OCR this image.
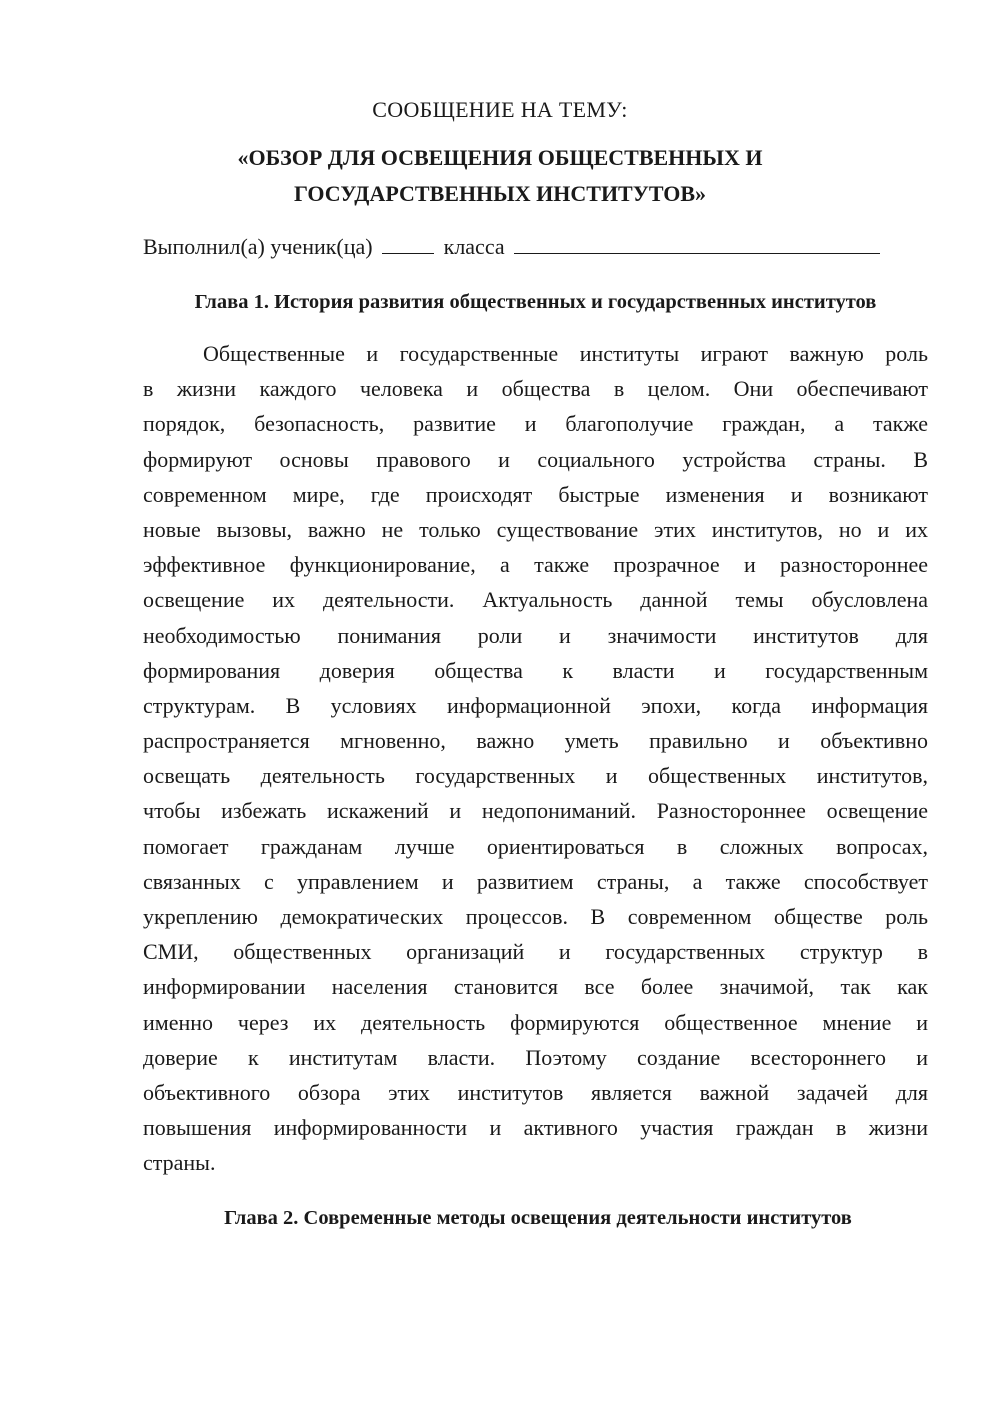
СООБЩЕНИЕ НА ТЕМУ:
«ОБЗОР ДЛЯ ОСВЕЩЕНИЯ ОБЩЕСТВЕННЫХ И
ГОСУДАРСТВЕННЫХ ИНСТИТУТОВ»
Выполнил(а) ученик(ца)	класса
Глава 1. История развития общественных и государственных институтов
Общественные и государственные институты играют важную роль
в жизни каждого человека и общества в целом. Они обеспечивают
порядок, безопасность, развитие и благополучие граждан, а также
формируют основы правового и социального устройства страны. В
современном мире, где происходят быстрые изменения и возникают
новые вызовы, важно не только существование этих институтов, но и их
эффективное функционирование, а также прозрачное и разностороннее
освещение их деятельности. Актуальность данной темы обусловлена
необходимостью понимания роли и значимости институтов для
формирования доверия общества к власти и государственным
структурам. В условиях информационной эпохи, когда информация
распространяется мгновенно, важно уметь правильно и объективно
освещать деятельность государственных и общественных институтов,
чтобы избежать искажений и недопониманий. Разностороннее освещение
помогает гражданам лучше ориентироваться в сложных вопросах,
связанных с управлением и развитием страны, а также способствует
укреплению демократических процессов. В современном обществе роль
СМИ, общественных организаций и государственных структур в
информировании населения становится все более значимой, так как
именно через их деятельность формируются общественное мнение и
доверие к институтам власти. Поэтому создание всестороннего и
объективного обзора этих институтов является важной задачей для
повышения информированности и активного участия граждан в жизни
страны.
Глава 2. Современные методы освещения деятельности институтов
